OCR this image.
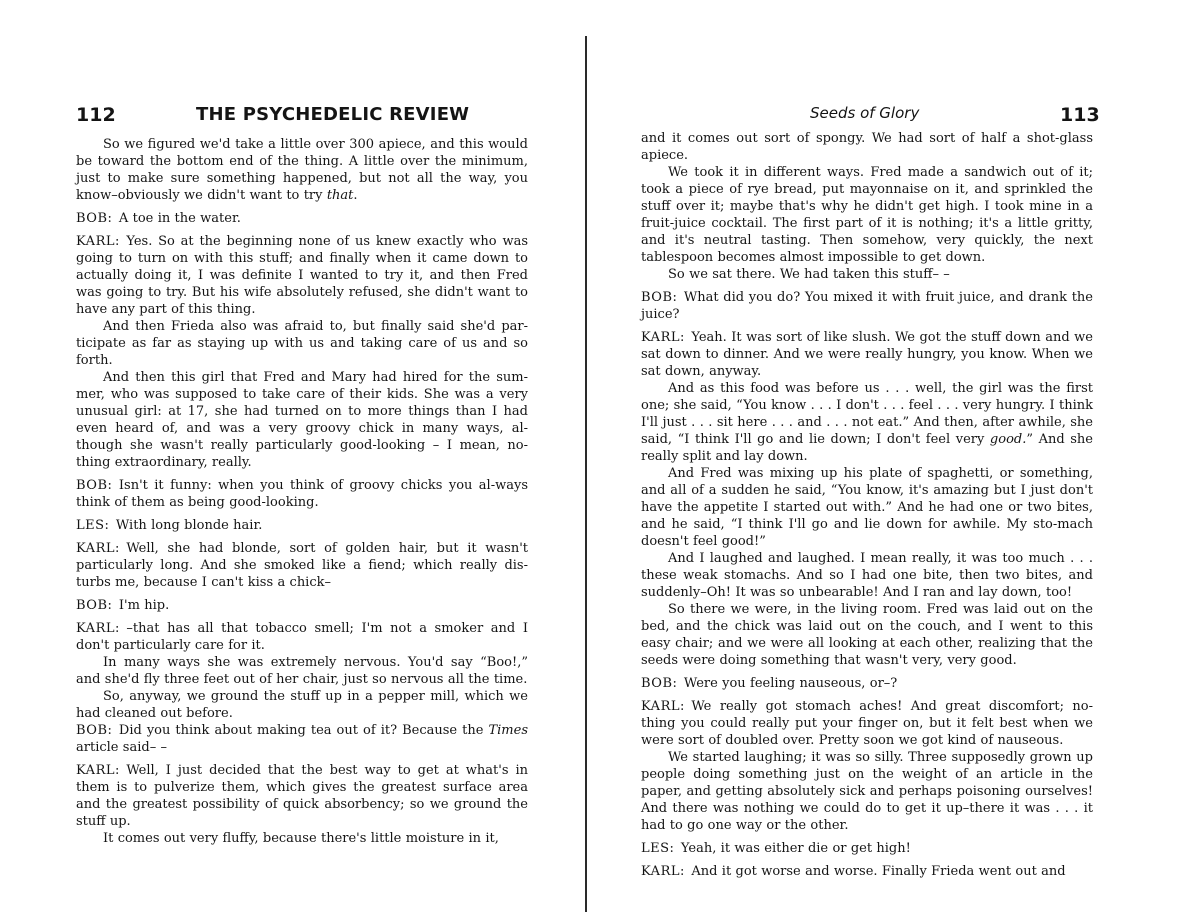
112	THE PSYCHEDELIC REVIEW

So we figured we'd take a little over 300 apiece, and this would be toward the bottom end of the thing. A little over the minimum, just to make sure something happened, but not all the way, you know–obviously we didn't want to try that.

BOB:  A toe in the water.

KARL:  Yes. So at the beginning none of us knew exactly who was going to turn on with this stuff; and finally when it came down to actually doing it, I was definite I wanted to try it, and then Fred was going to try. But his wife absolutely refused, she didn't want to have any part of this thing.

And then Frieda also was afraid to, but finally said she'd par-ticipate as far as staying up with us and taking care of us and so forth.

And then this girl that Fred and Mary had hired for the sum-mer, who was supposed to take care of their kids. She was a very unusual girl: at 17, she had turned on to more things than I had even heard of, and was a very groovy chick in many ways, al-though she wasn't really particularly good-looking – I mean, no-thing extraordinary, really.

BOB:  Isn't it funny: when you think of groovy chicks you al-ways think of them as being good-looking.

LES:  With long blonde hair.

KARL:  Well, she had blonde, sort of golden hair, but it wasn't particularly long. And she smoked like a fiend; which really dis-turbs me, because I can't kiss a chick–

BOB:  I'm hip.

KARL:  –that has all that tobacco smell; I'm not a smoker and I don't particularly care for it.

In many ways she was extremely nervous. You'd say “Boo!,” and she'd fly three feet out of her chair, just so nervous all the time.

So, anyway, we ground the stuff up in a pepper mill, which we had cleaned out before.

BOB:  Did you think about making tea out of it? Because the Times article said– –

KARL:  Well, I just decided that the best way to get at what's in them is to pulverize them, which gives the greatest surface area and the greatest possibility of quick absorbency; so we ground the stuff up.

It comes out very fluffy, because there's little moisture in it,

Seeds of Glory	113

and it comes out sort of spongy. We had sort of half a shot-glass apiece.

We took it in different ways. Fred made a sandwich out of it; took a piece of rye bread, put mayonnaise on it, and sprinkled the stuff over it; maybe that's why he didn't get high. I took mine in a fruit-juice cocktail. The first part of it is nothing; it's a little gritty, and it's neutral tasting. Then somehow, very quickly, the next tablespoon becomes almost impossible to get down.

So we sat there. We had taken this stuff– –

BOB:  What did you do? You mixed it with fruit juice, and drank the juice?

KARL:  Yeah. It was sort of like slush. We got the stuff down and we sat down to dinner. And we were really hungry, you know. When we sat down, anyway.

And as this food was before us . . . well, the girl was the first one; she said, “You know . . . I don't . . . feel . . . very hungry. I think I'll just . . . sit here . . . and . . . not eat.” And then, after awhile, she said, “I think I'll go and lie down; I don't feel very good.” And she really split and lay down.

And Fred was mixing up his plate of spaghetti, or something, and all of a sudden he said, “You know, it's amazing but I just don't have the appetite I started out with.” And he had one or two bites, and he said, “I think I'll go and lie down for awhile. My sto-mach doesn't feel good!”

And I laughed and laughed. I mean really, it was too much . . . these weak stomachs. And so I had one bite, then two bites, and suddenly–Oh! It was so unbearable! And I ran and lay down, too!

So there we were, in the living room. Fred was laid out on the bed, and the chick was laid out on the couch, and I went to this easy chair; and we were all looking at each other, realizing that the seeds were doing something that wasn't very, very good.

BOB:  Were you feeling nauseous, or–?

KARL:  We really got stomach aches! And great discomfort; no-thing you could really put your finger on, but it felt best when we were sort of doubled over. Pretty soon we got kind of nauseous.

We started laughing; it was so silly. Three supposedly grown up people doing something just on the weight of an article in the paper, and getting absolutely sick and perhaps poisoning ourselves! And there was nothing we could do to get it up–there it was . . . it had to go one way or the other.

LES:  Yeah, it was either die or get high!

KARL:  And it got worse and worse. Finally Frieda went out and
